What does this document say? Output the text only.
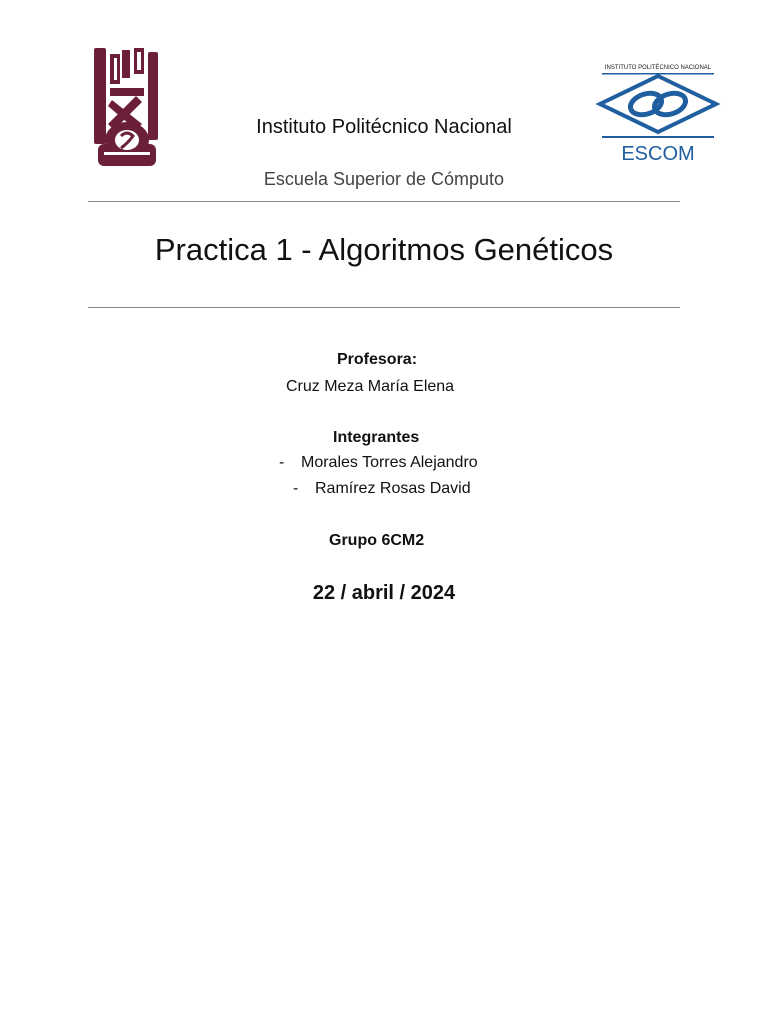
INSTITUTO POLITÉCNICO NACIONAL
ESCOM
Instituto Politécnico Nacional
Escuela Superior de Cómputo
Practica 1 - Algoritmos Genéticos
Profesora:
Cruz Meza María Elena
Integrantes
- Morales Torres Alejandro
- Ramírez Rosas David
Grupo 6CM2
22 / abril / 2024
